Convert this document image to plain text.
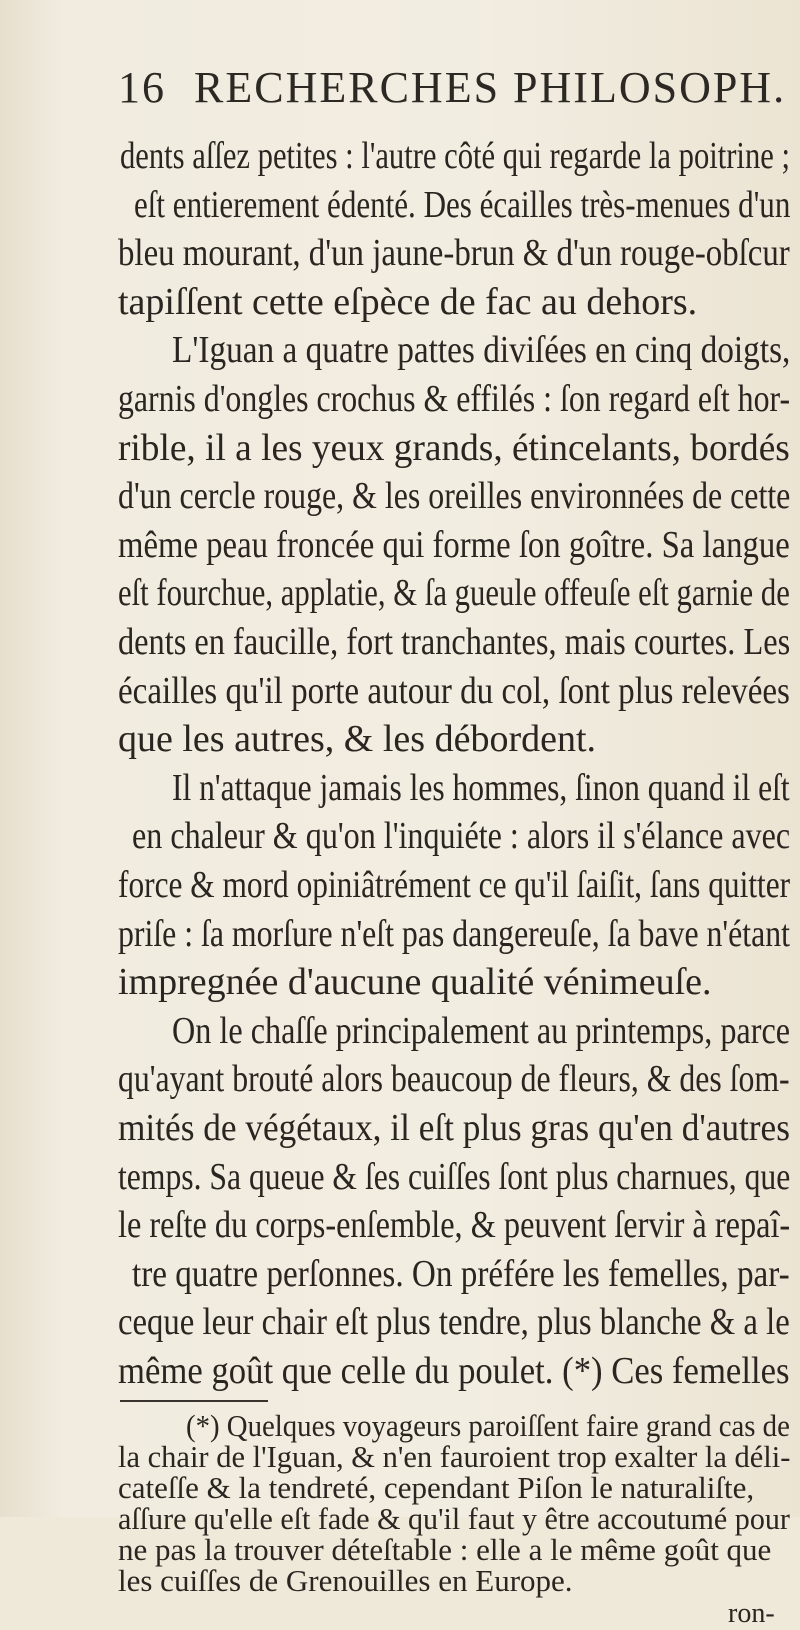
16 RECHERCHES PHILOSOPH.
dents aſſez petites : l'autre côté qui regarde la poitrine ;
eſt entierement édenté. Des écailles très-menues d'un
bleu mourant, d'un jaune-brun & d'un rouge-obſcur
tapiſſent cette eſpèce de fac au dehors.
L'Iguan a quatre pattes diviſées en cinq doigts,
garnis d'ongles crochus & effilés : ſon regard eſt hor-
rible, il a les yeux grands, étincelants, bordés
d'un cercle rouge, & les oreilles environnées de cette
même peau froncée qui forme ſon goître. Sa langue
eſt fourchue, applatie, & ſa gueule offeuſe eſt garnie de
dents en faucille, fort tranchantes, mais courtes. Les
écailles qu'il porte autour du col, ſont plus relevées
que les autres, & les débordent.
Il n'attaque jamais les hommes, ſinon quand il eſt
en chaleur & qu'on l'inquiéte : alors il s'élance avec
force & mord opiniâtrément ce qu'il ſaiſit, ſans quitter
priſe : ſa morſure n'eſt pas dangereuſe, ſa bave n'étant
impregnée d'aucune qualité vénimeuſe.
On le chaſſe principalement au printemps, parce
qu'ayant brouté alors beaucoup de fleurs, & des ſom-
mités de végétaux, il eſt plus gras qu'en d'autres
temps. Sa queue & ſes cuiſſes ſont plus charnues, que
le reſte du corps-enſemble, & peuvent ſervir à repaî-
tre quatre perſonnes. On préfére les femelles, par-
ceque leur chair eſt plus tendre, plus blanche & a le
même goût que celle du poulet. (*) Ces femelles
(*) Quelques voyageurs paroiſſent faire grand cas de
la chair de l'Iguan, & n'en fauroient trop exalter la déli-
cateſſe & la tendreté, cependant Piſon le naturaliſte,
aſſure qu'elle eſt fade & qu'il faut y être accoutumé pour
ne pas la trouver déteſtable : elle a le même goût que
les cuiſſes de Grenouilles en Europe.
ron-
